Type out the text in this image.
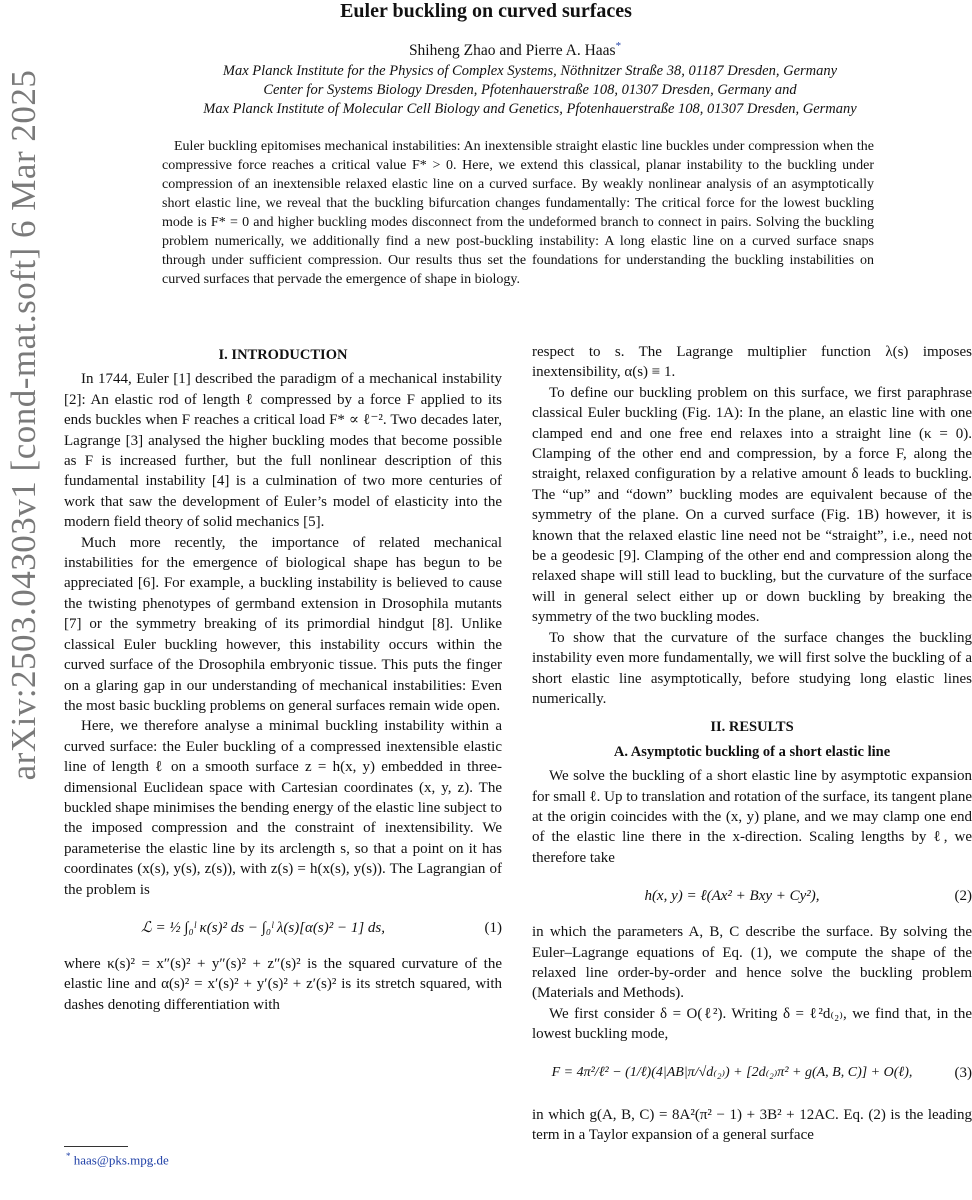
arXiv:2503.04303v1 [cond-mat.soft] 6 Mar 2025
Euler buckling on curved surfaces
Shiheng Zhao and Pierre A. Haas*
Max Planck Institute for the Physics of Complex Systems, Nöthnitzer Straße 38, 01187 Dresden, Germany
Center for Systems Biology Dresden, Pfotenhauerstraße 108, 01307 Dresden, Germany and
Max Planck Institute of Molecular Cell Biology and Genetics, Pfotenhauerstraße 108, 01307 Dresden, Germany
Euler buckling epitomises mechanical instabilities: An inextensible straight elastic line buckles under compression when the compressive force reaches a critical value F* > 0. Here, we extend this classical, planar instability to the buckling under compression of an inextensible relaxed elastic line on a curved surface. By weakly nonlinear analysis of an asymptotically short elastic line, we reveal that the buckling bifurcation changes fundamentally: The critical force for the lowest buckling mode is F* = 0 and higher buckling modes disconnect from the undeformed branch to connect in pairs. Solving the buckling problem numerically, we additionally find a new post-buckling instability: A long elastic line on a curved surface snaps through under sufficient compression. Our results thus set the foundations for understanding the buckling instabilities on curved surfaces that pervade the emergence of shape in biology.
I. INTRODUCTION

In 1744, Euler [1] described the paradigm of a mechanical instability [2]: An elastic rod of length ℓ compressed by a force F applied to its ends buckles when F reaches a critical load F* ∝ ℓ⁻². Two decades later, Lagrange [3] analysed the higher buckling modes that become possible as F is increased further, but the full nonlinear description of this fundamental instability [4] is a culmination of two more centuries of work that saw the development of Euler’s model of elasticity into the modern field theory of solid mechanics [5].

Much more recently, the importance of related mechanical instabilities for the emergence of biological shape has begun to be appreciated [6]. For example, a buckling instability is believed to cause the twisting phenotypes of germband extension in Drosophila mutants [7] or the symmetry breaking of its primordial hindgut [8]. Unlike classical Euler buckling however, this instability occurs within the curved surface of the Drosophila embryonic tissue. This puts the finger on a glaring gap in our understanding of mechanical instabilities: Even the most basic buckling problems on general surfaces remain wide open.

Here, we therefore analyse a minimal buckling instability within a curved surface: the Euler buckling of a compressed inextensible elastic line of length ℓ on a smooth surface z = h(x, y) embedded in three-dimensional Euclidean space with Cartesian coordinates (x, y, z). The buckled shape minimises the bending energy of the elastic line subject to the imposed compression and the constraint of inextensibility. We parameterise the elastic line by its arclength s, so that a point on it has coordinates (x(s), y(s), z(s)), with z(s) = h(x(s), y(s)). The Lagrangian of the problem is

ℒ = ½ ∫₀ˡ κ(s)² ds − ∫₀ˡ λ(s)[α(s)² − 1] ds,	(1)

where κ(s)² = x″(s)² + y″(s)² + z″(s)² is the squared curvature of the elastic line and α(s)² = x′(s)² + y′(s)² + z′(s)² is its stretch squared, with dashes denoting differentiation with

respect to s. The Lagrange multiplier function λ(s) imposes inextensibility, α(s) ≡ 1.

To define our buckling problem on this surface, we first paraphrase classical Euler buckling (Fig. 1A): In the plane, an elastic line with one clamped end and one free end relaxes into a straight line (κ = 0). Clamping of the other end and compression, by a force F, along the straight, relaxed configuration by a relative amount δ leads to buckling. The “up” and “down” buckling modes are equivalent because of the symmetry of the plane. On a curved surface (Fig. 1B) however, it is known that the relaxed elastic line need not be “straight”, i.e., need not be a geodesic [9]. Clamping of the other end and compression along the relaxed shape will still lead to buckling, but the curvature of the surface will in general select either up or down buckling by breaking the symmetry of the two buckling modes.

To show that the curvature of the surface changes the buckling instability even more fundamentally, we will first solve the buckling of a short elastic line asymptotically, before studying long elastic lines numerically.

II. RESULTS
A. Asymptotic buckling of a short elastic line

We solve the buckling of a short elastic line by asymptotic expansion for small ℓ. Up to translation and rotation of the surface, its tangent plane at the origin coincides with the (x, y) plane, and we may clamp one end of the elastic line there in the x-direction. Scaling lengths by ℓ, we therefore take

h(x, y) = ℓ(Ax² + Bxy + Cy²),	(2)

in which the parameters A, B, C describe the surface. By solving the Euler–Lagrange equations of Eq. (1), we compute the shape of the relaxed line order-by-order and hence solve the buckling problem (Materials and Methods).

We first consider δ = O(ℓ²). Writing δ = ℓ²d₍₂₎, we find that, in the lowest buckling mode,

F = 4π²/ℓ² − (1/ℓ)(4|AB|π/√d₍₂₎) + [2d₍₂₎π² + g(A, B, C)] + O(ℓ),	(3)

in which g(A, B, C) = 8A²(π² − 1) + 3B² + 12AC. Eq. (2) is the leading term in a Taylor expansion of a general surface

* haas@pks.mpg.de
